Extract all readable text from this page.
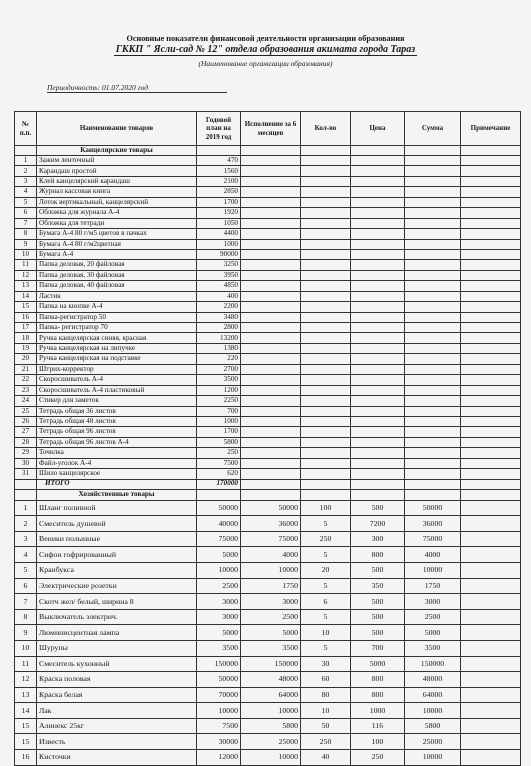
Основные показатели финансовой деятельности организации образования
ГККП " Ясли-сад № 12" отдела образования акимата города Тараз
(Наименование организации образования)
Периодичность: 01.07.2020 год
№ п.п.	Наименование товаров	Годовой план на 2019 год	Исполнение за 6 месяцев	Кол-во	Цена	Сумма	Примечание
	Канцелярские товары						
1	Зажим ленточный	470					
2	Карандаш простой	1560					
3	Клей канцелярский карандаш	2100					
4	Журнал кассовая книга	2850					
5	Лоток вертикальный, канцелярский	1700					
6	Обложка для журнала А-4	1920					
7	Обложка для тетради	1050					
8	Бумага А-4 80 г/м5 цветов в пачках	4400					
9	Бумага А-4 80 г/м2цветная	1000					
10	Бумага А-4	90000					
11	Папка деловая, 20 файловая	3250					
12	Папка деловая, 30 файловая	3950					
13	Папка деловая, 40 файловая	4850					
14	Ластик	400					
15	Папка на кнопке А-4	2200					
16	Папка-регистратор 50	3480					
17	Папка- регистратор 70	2800					
18	Ручка канцелярская синяя, красная	13200					
19	Ручка канцелярская на липучке	1380					
20	Ручка канцелярская на подставке	220					
21	Штрих-корректор	2700					
22	Скоросшиватель А-4	3500					
23	Скоросшиватель А-4 пластиковый	1200					
24	Стикер для заметок	2250					
25	Тетрадь общая 36 листов	700					
26	Тетрадь общая 48 листов	1000					
27	Тетрадь общая 96 листов	1700					
28	Тетрадь общая 96 листов А-4	5800					
29	Точилка	250					
30	Файл-уголок А-4	7500					
31	Шило канцелярское	620					
	ИТОГО	170000					
	Хозяйственные товары						
1	Шланг поливной	50000	50000	100	500	50000	
2	Смеситель душевой	40000	36000	5	7200	36000	
3	Веники полынные	75000	75000	250	300	75000	
4	Сифон гофрированный	5000	4000	5	800	4000	
5	Кранбукса	10000	10000	20	500	10000	
6	Электрические розетки	2500	1750	5	350	1750	
7	Скотч жел/ белый, ширина 8	3000	3000	6	500	3000	
8	Выключатель электрич.	3000	2500	5	500	2500	
9	Люминисцентная лампа	5000	5000	10	500	5000	
10	Шурупы	3500	3500	5	700	3500	
11	Смеситель кухонный	150000	150000	30	5000	150000	
12	Краска половая	50000	48000	60	800	48000	
13	Краска белая	70000	64000	80	800	64000	
14	Лак	10000	10000	10	1000	10000	
15	Алинекс 25кг	7500	5800	50	116	5800	
15	Известь	30000	25000	250	100	25000	
16	Кисточки	12000	10000	40	250	10000	
